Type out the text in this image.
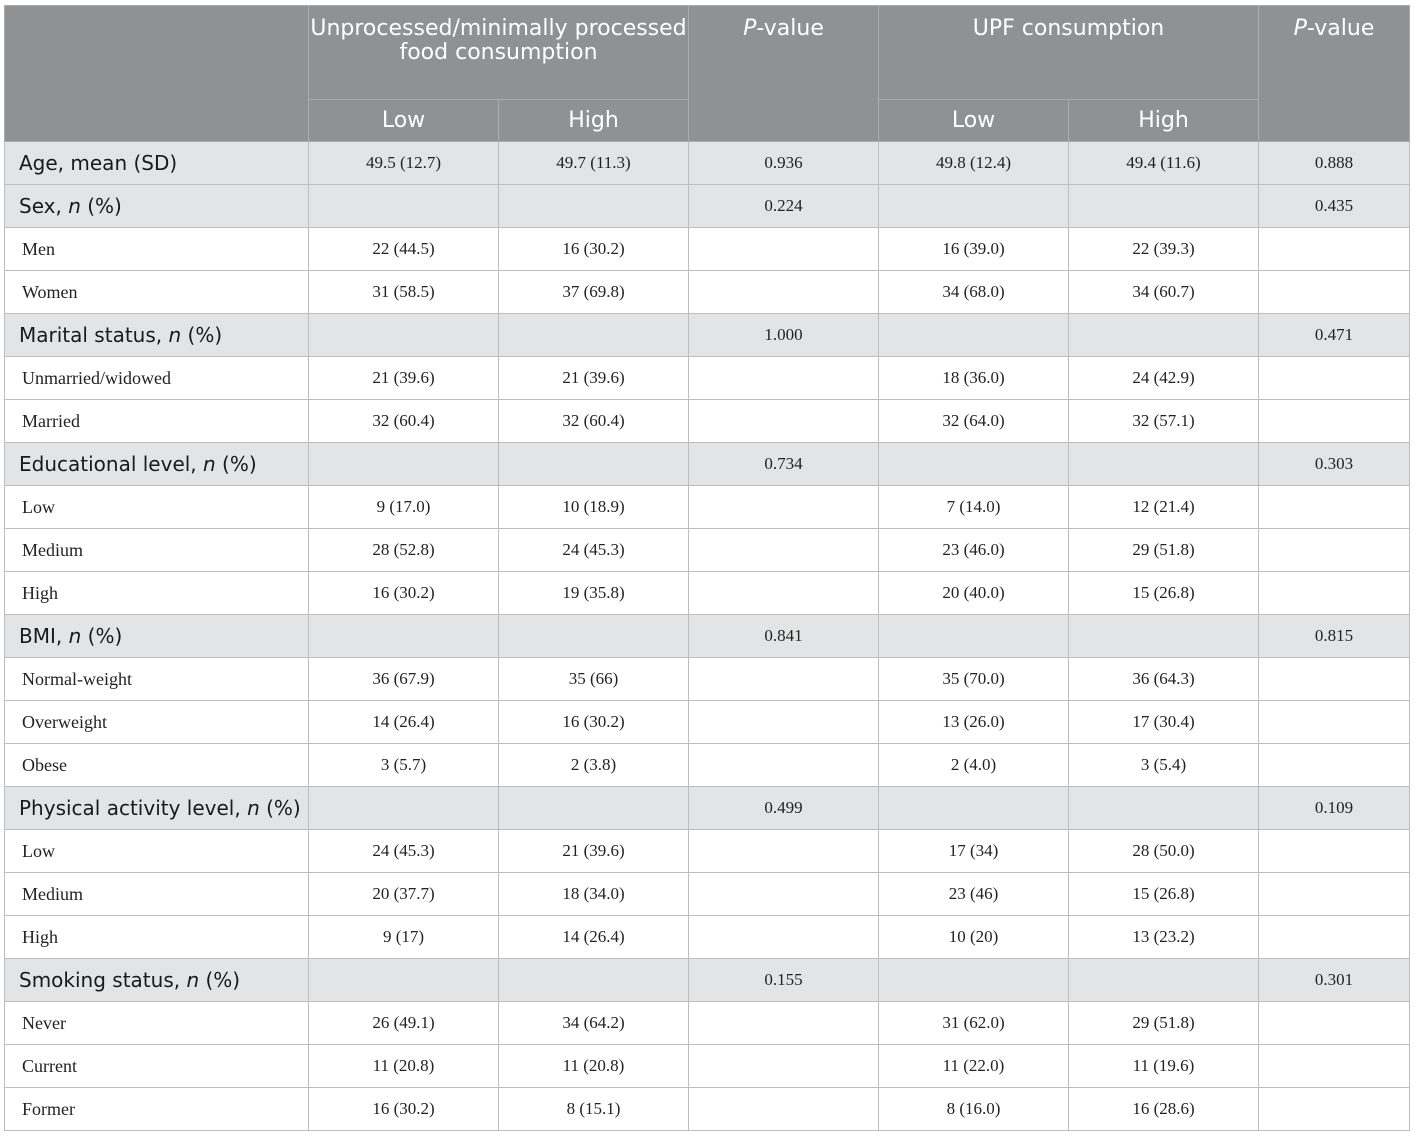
	Unprocessed/minimally processed food consumption		P-value	UPF consumption		P-value

	Low	High		Low	High	
Age, mean (SD)	49.5 (12.7)	49.7 (11.3)	0.936	49.8 (12.4)	49.4 (11.6)	0.888
Sex, n (%)			0.224			0.435
Men	22 (44.5)	16 (30.2)		16 (39.0)	22 (39.3)	
Women	31 (58.5)	37 (69.8)		34 (68.0)	34 (60.7)	
Marital status, n (%)			1.000			0.471
Unmarried/widowed	21 (39.6)	21 (39.6)		18 (36.0)	24 (42.9)	
Married	32 (60.4)	32 (60.4)		32 (64.0)	32 (57.1)	
Educational level, n (%)			0.734			0.303
Low	9 (17.0)	10 (18.9)		7 (14.0)	12 (21.4)	
Medium	28 (52.8)	24 (45.3)		23 (46.0)	29 (51.8)	
High	16 (30.2)	19 (35.8)		20 (40.0)	15 (26.8)	
BMI, n (%)			0.841			0.815
Normal-weight	36 (67.9)	35 (66)		35 (70.0)	36 (64.3)	
Overweight	14 (26.4)	16 (30.2)		13 (26.0)	17 (30.4)	
Obese	3 (5.7)	2 (3.8)		2 (4.0)	3 (5.4)	
Physical activity level, n (%)			0.499			0.109
Low	24 (45.3)	21 (39.6)		17 (34)	28 (50.0)	
Medium	20 (37.7)	18 (34.0)		23 (46)	15 (26.8)	
High	9 (17)	14 (26.4)		10 (20)	13 (23.2)	
Smoking status, n (%)			0.155			0.301
Never	26 (49.1)	34 (64.2)		31 (62.0)	29 (51.8)	
Current	11 (20.8)	11 (20.8)		11 (22.0)	11 (19.6)	
Former	16 (30.2)	8 (15.1)		8 (16.0)	16 (28.6)	
